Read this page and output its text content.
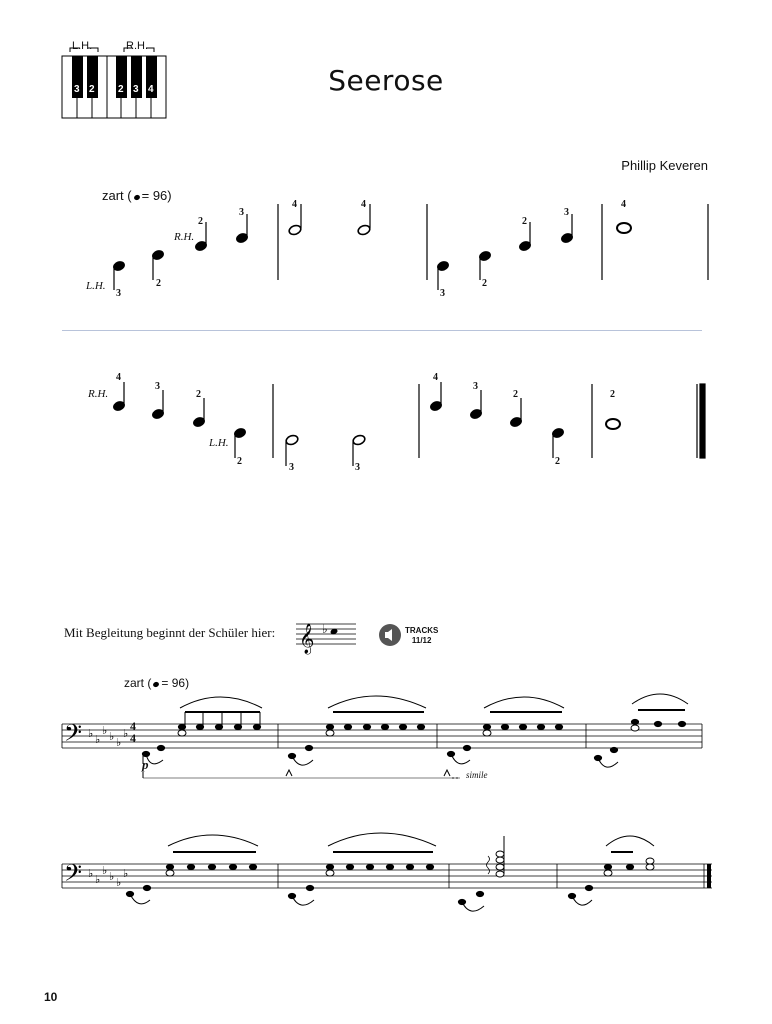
L.H.	R.H.
3 2 2 3 4	Seerose
Phillip Keveren
zart ( = 96)
R.H.
L.H.
3
2
2
3
4	4
3
2
2
3
4
R.H.
L.H.
4
3
2
2
3	3
4
3
2
2
2
Mit Begleitung beginnt der Schüler hier: 𝄞 ♭	TRACKS
11/12
zart ( = 96)
𝄢 ♭ ♭
♭ ♭ ♭
♭
4
4
p
simile
𝄢 ♭ ♭
♭ ♭ ♭
♭
10
